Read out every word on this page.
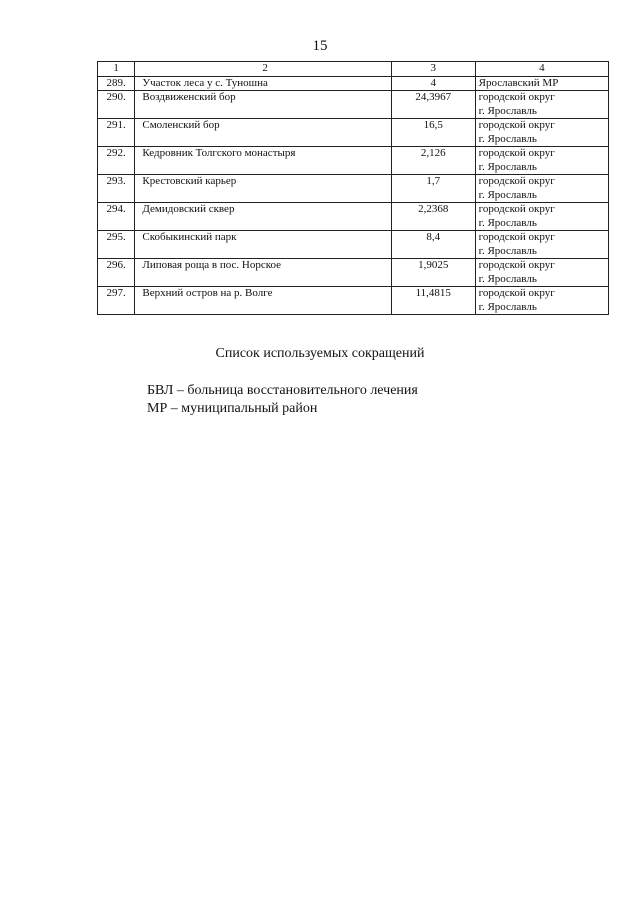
15
1	2	3	4
289.	Участок леса у с. Туношна	4	Ярославский МР

290.	Воздвиженский бор	24,3967	городской округ
г. Ярославль

291.	Смоленский бор	16,5	городской округ
г. Ярославль

292.	Кедровник Толгского монастыря	2,126	городской округ
г. Ярославль

293.	Крестовский карьер	1,7	городской округ
г. Ярославль

294.	Демидовский сквер	2,2368	городской округ
г. Ярославль

295.	Скобыкинский парк	8,4	городской округ
г. Ярославль

296.	Липовая роща в пос. Норское	1,9025	городской округ
г. Ярославль

297.	Верхний остров на р. Волге	11,4815	городской округ
г. Ярославль
Список используемых сокращений
БВЛ – больница восстановительного лечения
МР – муниципальный район
